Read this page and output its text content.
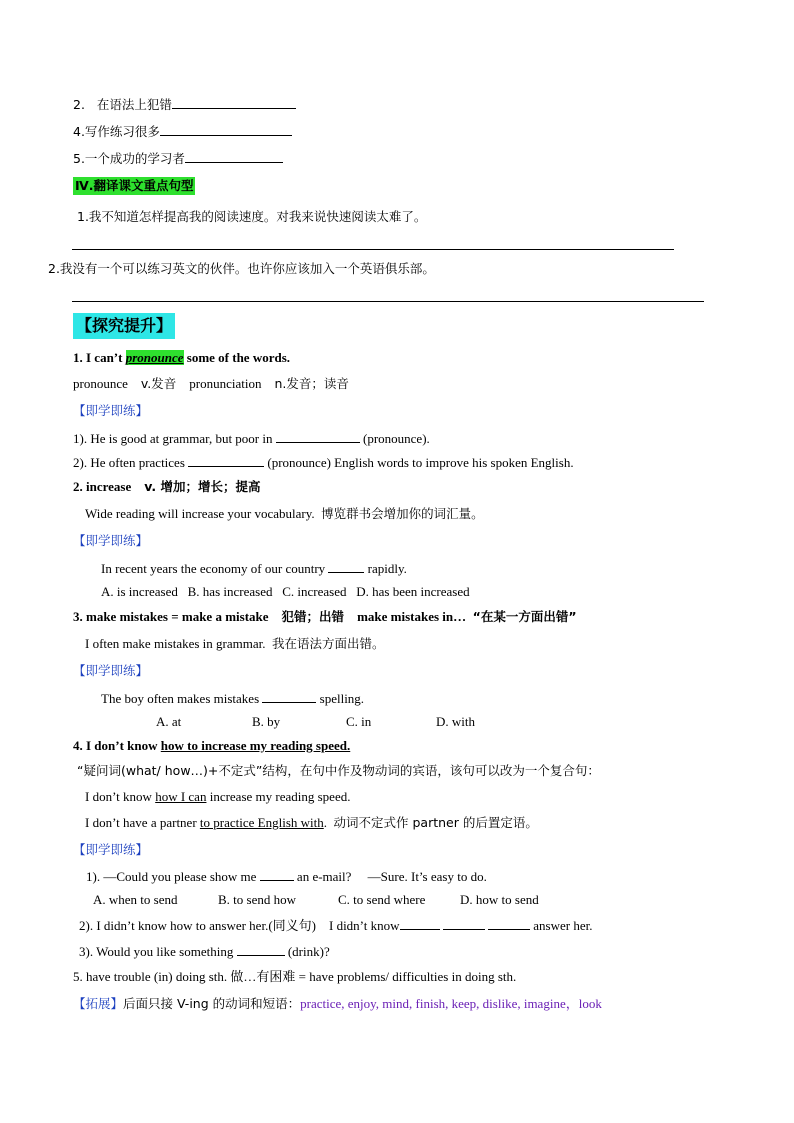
2. 在语法上犯错
4.写作练习很多
5.一个成功的学习者
Ⅳ.翻译课文重点句型
1.我不知道怎样提高我的阅读速度。对我来说快速阅读太难了。
2.我没有一个可以练习英文的伙伴。也许你应该加入一个英语俱乐部。
【探究提升】
1. I can’t pronounce some of the words.
pronounce v.发音 pronunciation n.发音；读音
【即学即练】
1). He is good at grammar, but poor in	(pronounce).
2). He often practices	(pronounce) English words to improve his spoken English.
2. increase v. 增加；增长；提高
Wide reading will increase your vocabulary. 博览群书会增加你的词汇量。
【即学即练】
In recent years the economy of our country	rapidly.
A. is increased B. has increased C. increased D. has been increased
3. make mistakes = make a mistake 犯错；出错 make mistakes in… “在某一方面出错”
I often make mistakes in grammar. 我在语法方面出错。
【即学即练】
The boy often makes mistakes	spelling.
A. at	B. by	C. in	D. with
4. I don’t know how to increase my reading speed.
“疑问词(what/ how…)+不定式”结构，在句中作及物动词的宾语，该句可以改为一个复合句：
I don’t know how I can increase my reading speed.
I don’t have a partner to practice English with. 动词不定式作 partner 的后置定语。
【即学即练】
1). —Could you please show me	an e-mail? —Sure. It’s easy to do.
A. when to send	B. to send how	C. to send where	D. how to send
2). I didn’t know how to answer her.(同义句) I didn’t know	answer her.
3). Would you like something	(drink)?
5. have trouble (in) doing sth. 做…有困难 = have problems/ difficulties in doing sth.
【拓展】后面只接 V-ing 的动词和短语：practice, enjoy, mind, finish, keep, dislike, imagine，look
